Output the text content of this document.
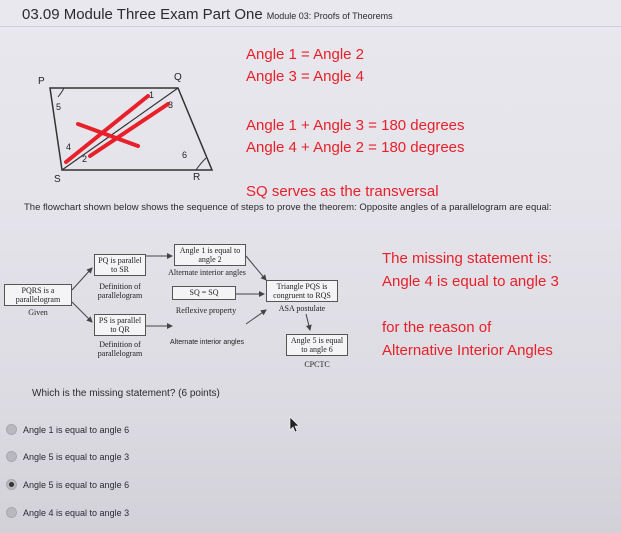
03.09 Module Three Exam Part One Module 03: Proofs of Theorems
P	Q
R
S
1
3
5
4
2	6
Angle 1 = Angle 2
Angle 3 = Angle 4
Angle 1 + Angle 3 = 180 degrees
Angle 4 + Angle 2 = 180 degrees
SQ serves as the transversal
The flowchart shown below shows the sequence of steps to prove the theorem: Opposite angles of a parallelogram are equal:
PQRS is a parallelogram
Given
PQ is parallel to SR
Definition of parallelogram
PS is parallel to QR
Definition of parallelogram
Angle 1 is equal to angle 2
Alternate interior angles
SQ = SQ
Reflexive property
Alternate interior angles
Triangle PQS is congruent to RQS
ASA postulate
Angle 5 is equal to angle 6
CPCTC
The missing statement is:
Angle 4 is equal to angle 3
for the reason of
Alternative Interior Angles
Which is the missing statement? (6 points)
Angle 1 is equal to angle 6
Angle 5 is equal to angle 3
Angle 5 is equal to angle 6
Angle 4 is equal to angle 3
